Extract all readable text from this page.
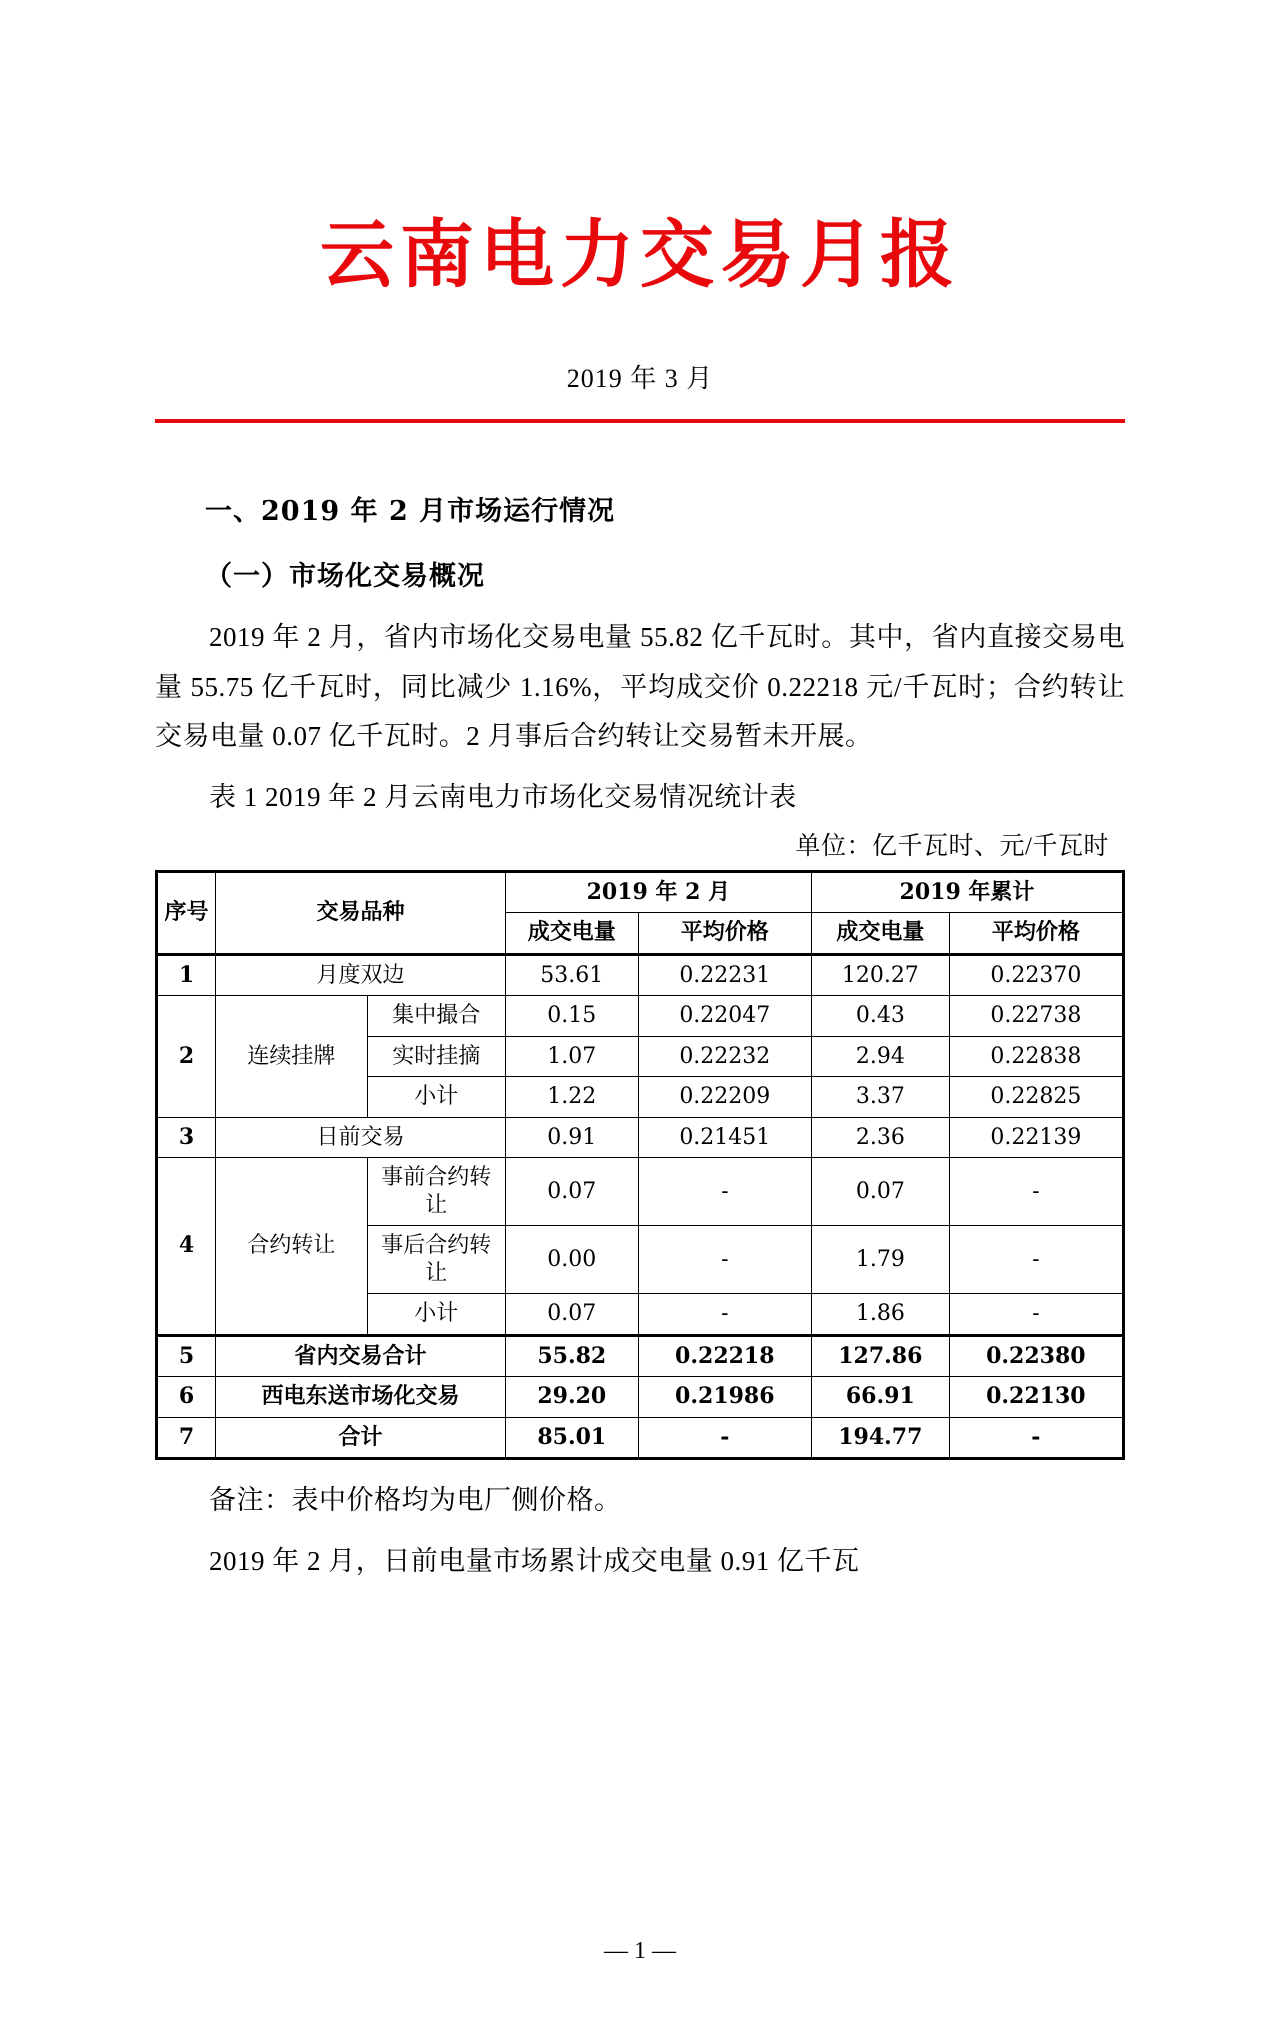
云南电力交易月报
2019 年 3 月
一、2019 年 2 月市场运行情况
（一）市场化交易概况
2019 年 2 月，省内市场化交易电量 55.82 亿千瓦时。其中，省内直接交易电量 55.75 亿千瓦时，同比减少 1.16%，平均成交价 0.22218 元/千瓦时；合约转让交易电量 0.07 亿千瓦时。2 月事后合约转让交易暂未开展。
表 1 2019 年 2 月云南电力市场化交易情况统计表
单位：亿千瓦时、元/千瓦时
序号	交易品种		2019 年 2 月		2019 年累计	
			成交电量	平均价格	成交电量	平均价格
1	月度双边		53.61	0.22231	120.27	0.22370
2	连续挂牌	集中撮合	0.15	0.22047	0.43	0.22738
		实时挂摘	1.07	0.22232	2.94	0.22838
		小计	1.22	0.22209	3.37	0.22825
3	日前交易		0.91	0.21451	2.36	0.22139
4	合约转让	事前合约转让	0.07	-	0.07	-
		事后合约转让	0.00	-	1.79	-
		小计	0.07	-	1.86	-
5	省内交易合计		55.82	0.22218	127.86	0.22380
6	西电东送市场化交易		29.20	0.21986	66.91	0.22130
7	合计		85.01	-	194.77	-
备注：表中价格均为电厂侧价格。
2019 年 2 月，日前电量市场累计成交电量 0.91 亿千瓦
— 1 —
